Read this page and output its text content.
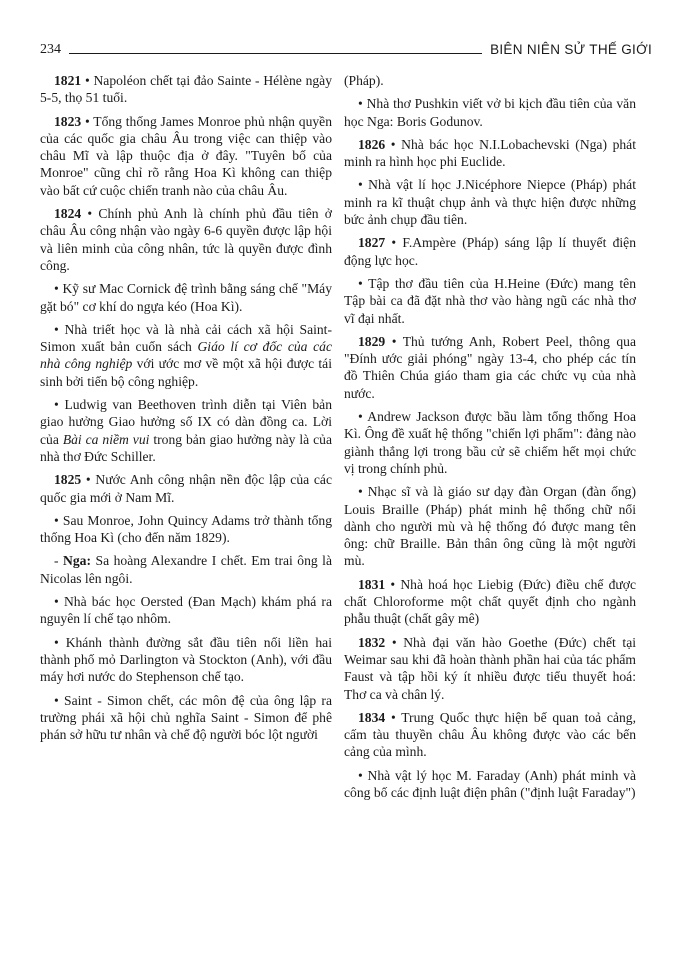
234	BIÊN NIÊN SỬ THẾ GIỚI

1821 • Napoléon chết tại đảo Sainte - Hélène ngày 5-5, thọ 51 tuổi.

1823 • Tổng thống James Monroe phủ nhận quyền của các quốc gia châu Âu trong việc can thiệp vào châu Mĩ và lập thuộc địa ở đây. "Tuyên bố của Monroe" cũng chỉ rõ rằng Hoa Kì không can thiệp vào bất cứ cuộc chiến tranh nào của châu Âu.

1824 • Chính phủ Anh là chính phủ đầu tiên ở châu Âu công nhận vào ngày 6-6 quyền được lập hội và liên minh của công nhân, tức là quyền được đình công.

• Kỹ sư Mac Cornick đệ trình bằng sáng chế "Máy gặt bó" cơ khí do ngựa kéo (Hoa Kì).

• Nhà triết học và là nhà cải cách xã hội Saint-Simon xuất bản cuốn sách Giáo lí cơ đốc của các nhà công nghiệp với ước mơ về một xã hội được tái sinh bởi tiến bộ công nghiệp.

• Ludwig van Beethoven trình diễn tại Viên bản giao hưởng Giao hưởng số IX có dàn đồng ca. Lời của Bài ca niềm vui trong bản giao hưởng này là của nhà thơ Đức Schiller.

1825 • Nước Anh công nhận nền độc lập của các quốc gia mới ở Nam Mĩ.

• Sau Monroe, John Quincy Adams trở thành tổng thống Hoa Kì (cho đến năm 1829).

- Nga: Sa hoàng Alexandre I chết. Em trai ông là Nicolas lên ngôi.

• Nhà bác học Oersted (Đan Mạch) khám phá ra nguyên lí chế tạo nhôm.

• Khánh thành đường sắt đầu tiên nối liền hai thành phố mỏ Darlington và Stockton (Anh), với đầu máy hơi nước do Stephenson chế tạo.

• Saint - Simon chết, các môn đệ của ông lập ra trường phái xã hội chủ nghĩa Saint - Simon để phê phán sở hữu tư nhân và chế độ người bóc lột người

(Pháp).

• Nhà thơ Pushkin viết vở bi kịch đầu tiên của văn học Nga: Boris Godunov.

1826 • Nhà bác học N.I.Lobachevski (Nga) phát minh ra hình học phi Euclide.

• Nhà vật lí học J.Nicéphore Niepce (Pháp) phát minh ra kĩ thuật chụp ảnh và thực hiện được những bức ảnh chụp đầu tiên.

1827 • F.Ampère (Pháp) sáng lập lí thuyết điện động lực học.

• Tập thơ đầu tiên của H.Heine (Đức) mang tên Tập bài ca đã đặt nhà thơ vào hàng ngũ các nhà thơ vĩ đại nhất.

1829 • Thủ tướng Anh, Robert Peel, thông qua "Đính ước giải phóng" ngày 13-4, cho phép các tín đồ Thiên Chúa giáo tham gia các chức vụ của nhà nước.

• Andrew Jackson được bầu làm tổng thống Hoa Kì. Ông đề xuất hệ thống "chiến lợi phẩm": đảng nào giành thắng lợi trong bầu cử sẽ chiếm hết mọi chức vị trong chính phủ.

• Nhạc sĩ và là giáo sư dạy đàn Organ (đàn ống) Louis Braille (Pháp) phát minh hệ thống chữ nổi dành cho người mù và hệ thống đó được mang tên ông: chữ Braille. Bản thân ông cũng là một người mù.

1831 • Nhà hoá học Liebig (Đức) điều chế được chất Chloroforme một chất quyết định cho ngành phẫu thuật (chất gây mê)

1832 • Nhà đại văn hào Goethe (Đức) chết tại Weimar sau khi đã hoàn thành phần hai của tác phẩm Faust và tập hồi ký ít nhiều được tiểu thuyết hoá: Thơ ca và chân lý.

1834 • Trung Quốc thực hiện bế quan toả cảng, cấm tàu thuyền châu Âu không được vào các bến cảng của mình.

• Nhà vật lý học M. Faraday (Anh) phát minh và công bố các định luật điện phân ("định luật Faraday")
